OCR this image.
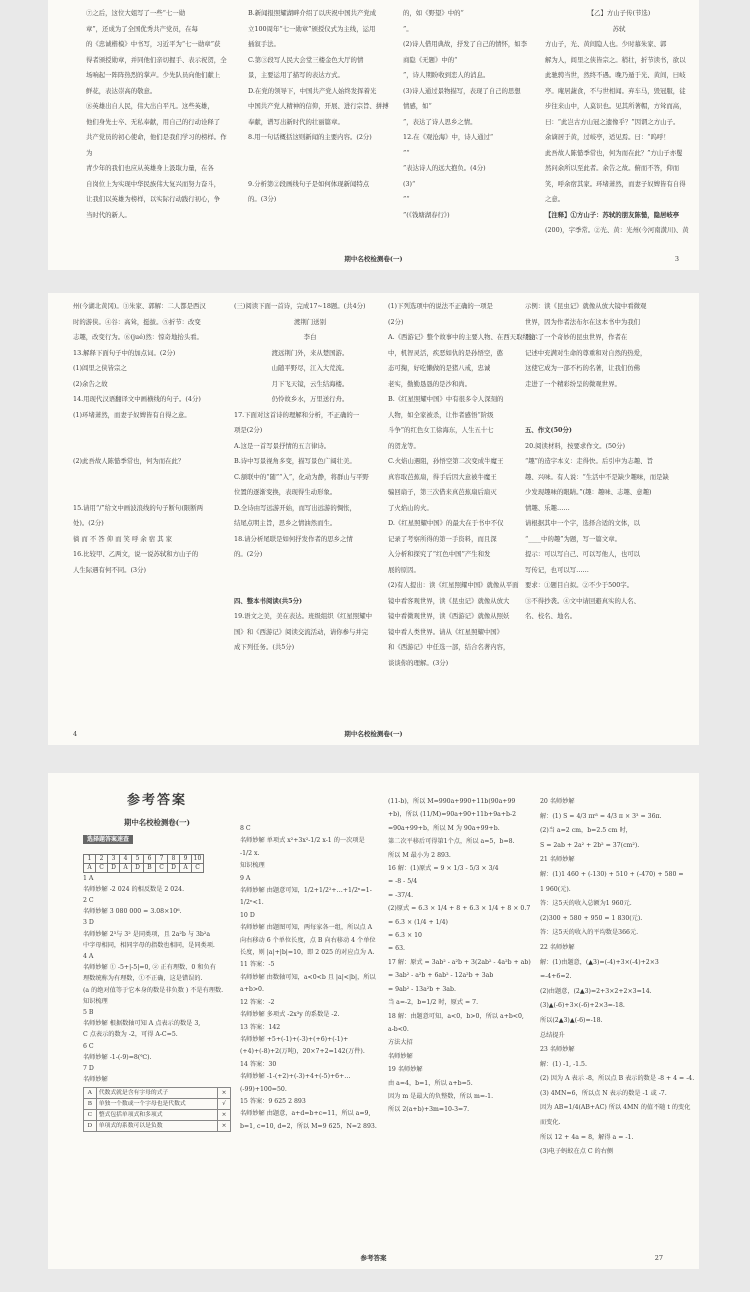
⑦之后，这位大姐写了一些“七一勋

章”，还成为了全国优秀共产党员，在每

的《忠诚楷模》中书写，习近平为“七一勋章”获

得者颁授勋章，并同他们亲切握手、表示祝贺，全

场响起一阵阵热烈的掌声。少先队员向他们献上

鲜花，表达崇高的敬意。

⑧英雄出自人民，伟大出自平凡。这些英雄，

他们身先士卒、无私奉献，用自己的行动诠释了

共产党员的初心使命，他们是我们学习的榜样。作为

青少年的我们也应从英雄身上汲取力量，在各

自岗位上为实现中华民族伟大复兴而努力奋斗，

让我们以英雄为榜样，以实际行动践行初心，争

当时代的新人。

B.新闻报照耀湖畔介绍了以庆祝中国共产党成

立100周年“七一勋章”颁授仪式为主线，运用

插叙手法。

C.第③段写人民大会堂三楼金色大厅的情

景，主要运用了描写的表达方式。

D.在党的领导下，中国共产党人始终发挥着光

中国共产党人精神的信仰，开展、进行宗旨、拼搏

奉献，谱写出新时代的壮丽篇章。

8.用一句话概括这则新闻的主要内容。(2分)

9.分析第②段画线句子是如何体现新闻特点

的。(3分)

的，如《野望》中的“

”。

(2)诗人借用典故，抒发了自己的情怀，如李

商隐《无题》中的“

”，诗人期盼收到恋人的消息。

(3)诗人通过景物描写，表现了自己的思想

情感，如“

”，表达了诗人思乡之情。

12.在《观沧海》中，诗人通过“

”“

”表达诗人的远大抱负。(4分)

(3)“

”“

”(《钱塘湖春行》)

【乙】方山子传(节选)

苏轼

方山子，光、黄间隐人也。少时慕朱家、郭

解为人，闾里之侠皆宗之。稍壮，折节读书，欲以

此驰骋当世，然终不遇。晚乃遁于光、黄间，曰岐

亭。庵居蔬食，不与世相闻。弃车马，毁冠服，徒

步往来山中，人莫识也。见其所著帽，方耸而高，

曰：“此岂古方山冠之遗像乎？”因谓之方山子。

余谪居于黄，过岐亭，适见焉。曰：“呜呼！

此吾故人陈慥季常也，何为而在此？”方山子亦矍

然问余所以至此者。余告之故。俯而不答，仰而

笑，呼余宿其家。环堵萧然，而妻子奴婢皆有自得

之意。

【注释】①方山子：苏轼的朋友陈慥，隐居岐亭

(200)，字季常。②光、黄：光州(今河南潢川)、黄

期中名校检测卷(一)	3

州(今湖北黄冈)。③朱家、郭解：二人都是西汉

时的游侠。④谷：高耸，挺拔。⑤折节：改变

志趣，改变行为。⑥(jué)然：惊奇地抬头看。

13.解释下面句子中的加点词。(2分)

(1)闾里之侠皆宗之

(2)余告之故

14.用现代汉语翻译文中画横线的句子。(4分)

(1)环堵萧然，而妻子奴婢皆有自得之意。

(2)此吾故人陈慥季常也，何为而在此？

15.请用“/”给文中画波浪线的句子断句(限断两

处)。(2分)

徜 而 不 答 仰 而 笑 呼 余 宿 其 家

16.比较甲、乙两文，说一说苏轼和方山子的

人生际遇有何不同。(3分)

(三)阅读下面一首诗，完成17~18题。(共4分)

渡荆门送别

李白

渡远荆门外，来从楚国游。

山随平野尽，江入大荒流。

月下飞天镜，云生结海楼。

仍怜故乡水，万里送行舟。

17.下面对这首诗的理解和分析，不正确的一

项是(2分)

A.这是一首写景抒情的五言律诗。

B.诗中写景视角多变，描写景色广阔壮美。

C.颔联中的“随”“入”，化动为静，将群山与平野

位置的逐渐变换，表现得生动形象。

D.全诗由写远游开始，而写出远游的惆怅，

结尾点明主旨，思乡之情油然而生。

18.请分析尾联是如何抒发作者的思乡之情

的。(2分)

四、整本书阅读(共5分)

19.语文之美，美在表达。班级组织《红星照耀中

国》和《西游记》阅读交流活动，请你参与并完

成下列任务。(共5分)

(1)下列选项中的说法不正确的一项是

(2分)

A.《西游记》整个故事中的主要人物、在西天取经途

中，机智灵活，疾恶如仇的是孙悟空，憨

态可掬，好吃懒做的是猪八戒，忠诚

老实，勤勤恳恳的是沙和尚。

B.《红星照耀中国》中有很多令人深刻的

人物，如全家被杀，让作者感悟“阶级

斗争”的红色女工徐海东，人生五十七

的贺龙等。

C.火焰山遇阻，孙悟空第二次变成牛魔王

真容取芭蕉扇，得手后因大意被牛魔王

骗回扇子，第三次借来真芭蕉扇后扇灭

了火焰山的火。

D.《红星照耀中国》的最大在于书中不仅

记录了考察所得的第一手资料，而且深

入分析和探究了“红色中国”产生和发

展的原因。

(2)有人提出：读《红星照耀中国》就像从平面

镜中看客观世界，读《昆虫记》就像从放大

镜中看微观世界，读《西游记》就像从照妖

镜中看人类世界。请从《红星照耀中国》

和《西游记》中任选一部，结合名著内容，

谈谈你的理解。(3分)

示例：读《昆虫记》就像从放大镜中看微观

世界，因为作者法布尔在这本书中为我们

展示了一个奇妙的昆虫世界，作者在

记述中充满对生命的尊重和对自然的热爱，

这使它成为一部不朽的名著，让我们仿佛

走进了一个精彩纷呈的微观世界。

五、作文(50分)

20.阅读材料，按要求作文。(50分)

“趣”的造字本义：走得快。后引申为志趣、旨

趣、兴味。有人说：“生活中不是缺少趣味，而是缺

少发现趣味的眼睛。”(趣：趣味、志趣、意趣)

情趣、乐趣……

请根据其中一个字，选择合适的文体，以

“____中的趣”为题，写一篇文章。

提示：可以写自己、可以写他人，也可以

写传记，也可以写……

要求：①题目自拟。②不少于500字。

③不得抄袭。④文中请回避真实的人名、

名、校名、地名。

期中名校检测卷(一)
4
参考答案
期中名校检测卷(一)
选择题答案速查
1	2	3	4	5	6	7	8	9	10
A	C	D	A	D	B	C	D	A	C

1 A

名师妙解 -2 024 的相反数是 2 024.

2 C

名师妙解 3 080 000 = 3.08×10⁶.

3 D

名师妙解 2³与 3² 是同类项，且 2a²b 与 3b²a

中字母相同，相同字母的指数也相同，是同类项.

4 A

名师妙解 ① -5+|-5|=0, ② 正有理数、0 和负有

理数统称为有理数，①不正确，这是错误的.

(a 的绝对值等于它本身的数是非负数 ) 不是有理数.

知识梳理

5 B

名师妙解 根据数轴可知 A 点表示的数是 3,

C 点表示的数为 -2，可得 A-C=5.

6 C

名师妙解 -1-(-9)=8(℃).

7 D

名师妙解

A	代数式就是含有字母的式子	×
B	单独一个数或一个字母也是代数式	√
C	整式包括单项式和多项式	×
D	单项式的系数可以是负数	×

8 C

名师妙解 单项式 x²+3x²-1/2 x-1 的一次项是

-1/2 x.

知识梳理

9 A

名师妙解 由题意可知，1/2+1/2²+…+1/2ⁿ=1-

1/2ⁿ<1.

10 D

名师妙解 由题图可知，两每家各一组，所以点 A

向右移动 6 个单位长度，点 B 向右移动 4 个单位

长度，则 |a|+|b|=10，即 2 025 的对应点为 A.

11 答案：-5

名师妙解 由数轴可知，a<0<b 且 |a|<|b|，所以

a+b>0.

12 答案：-2

名师妙解 多项式 -2x³y 的系数是 -2.

13 答案：142

名师妙解 +5+(-1)+(-3)+(+6)+(-1)+

(+4)+(-8)+2(万吨)，20×7+2=142(万件).

14 答案：30

名师妙解 -1-(+2)+(-3)+4+(-5)+6+…

(-99)+100=50.

15 答案：9 625 2 893

名师妙解 由题意，a+d=b+c=11，所以 a=9,

b=1, c=10, d=2，所以 M=9 625，N=2 893.

(11-b)，所以 M=990a+990+11b(90a+99

+b)，所以 (11/M)=90a+90+11b+9a+b-2

=90a+99+b，所以 M 为 90a+99+b.

第二次平移后可得第1个点，所以 a=5，b=8.

所以 M 最小为 2 893.

16 解：(1)原式 = 9 × 1/3 - 5/3 × 3/4

= -8 - 5/4

= -37/4.

(2)原式 = 6.3 × 1/4 + 8 + 6.3 × 1/4 + 8 × 0.7

= 6.3 × (1/4 + 1/4)

= 6.3 × 10

= 63.

17 解：原式 = 3ab² - a²b + 3(2ab² - 4a²b + ab)

= 3ab² - a²b + 6ab² - 12a²b + 3ab

= 9ab² - 13a²b + 3ab.

当 a=-2，b=1/2 时，原式 = 7.

18 解：由题意可知，a<0，b>0，所以 a+b<0,

a-b<0.

方法大招

名师妙解

19 名师妙解

由 a=4，b=1，所以 a+b=5.

因为 m 是最大的负整数，所以 m=-1.

所以 2(a+b)+3m=10-3=7.

20 名师妙解

解：(1) S = 4/3 πr³ = 4/3 π × 3³ = 36π.

(2)当 a=2 cm，b=2.5 cm 时，

S = 2ab + 2a² + 2b² = 37(cm²).

21 名师妙解

解：(1)1 460 + (-130) + 510 + (-470) + 580 =

1 960(元).

答：这5天的收入总额为1 960元.

(2)300 + 580 + 950 = 1 830(元).

答：这5天的收入的平均数是366元.

22 名师妙解

解：(1)由题意，(▲3)=(-4)+3×(-4)+2×3

=-4+6=2.

(2)由题意，(2▲3)=2+3×2+2×3=14.

(3)▲(-6)+3×(-6)+2×3=-18.

所以(2▲3)▲(-6)=-18.

总结提升

23 名师妙解

解：(1) -1, -1.5.

(2) 因为 A 表示 -8，所以点 B 表示的数是 -8 + 4 = -4.

(3) 4MN=6，所以点 N 表示的数是 -1 或 -7.

因为 AB=1/4(AB+AC) 所以 4MN 的值不随 t 的变化

而变化.

所以 12 + 4a = 8，解得 a = -1.

(3)电子蚂蚁在点 C 的右侧

参考答案	27
